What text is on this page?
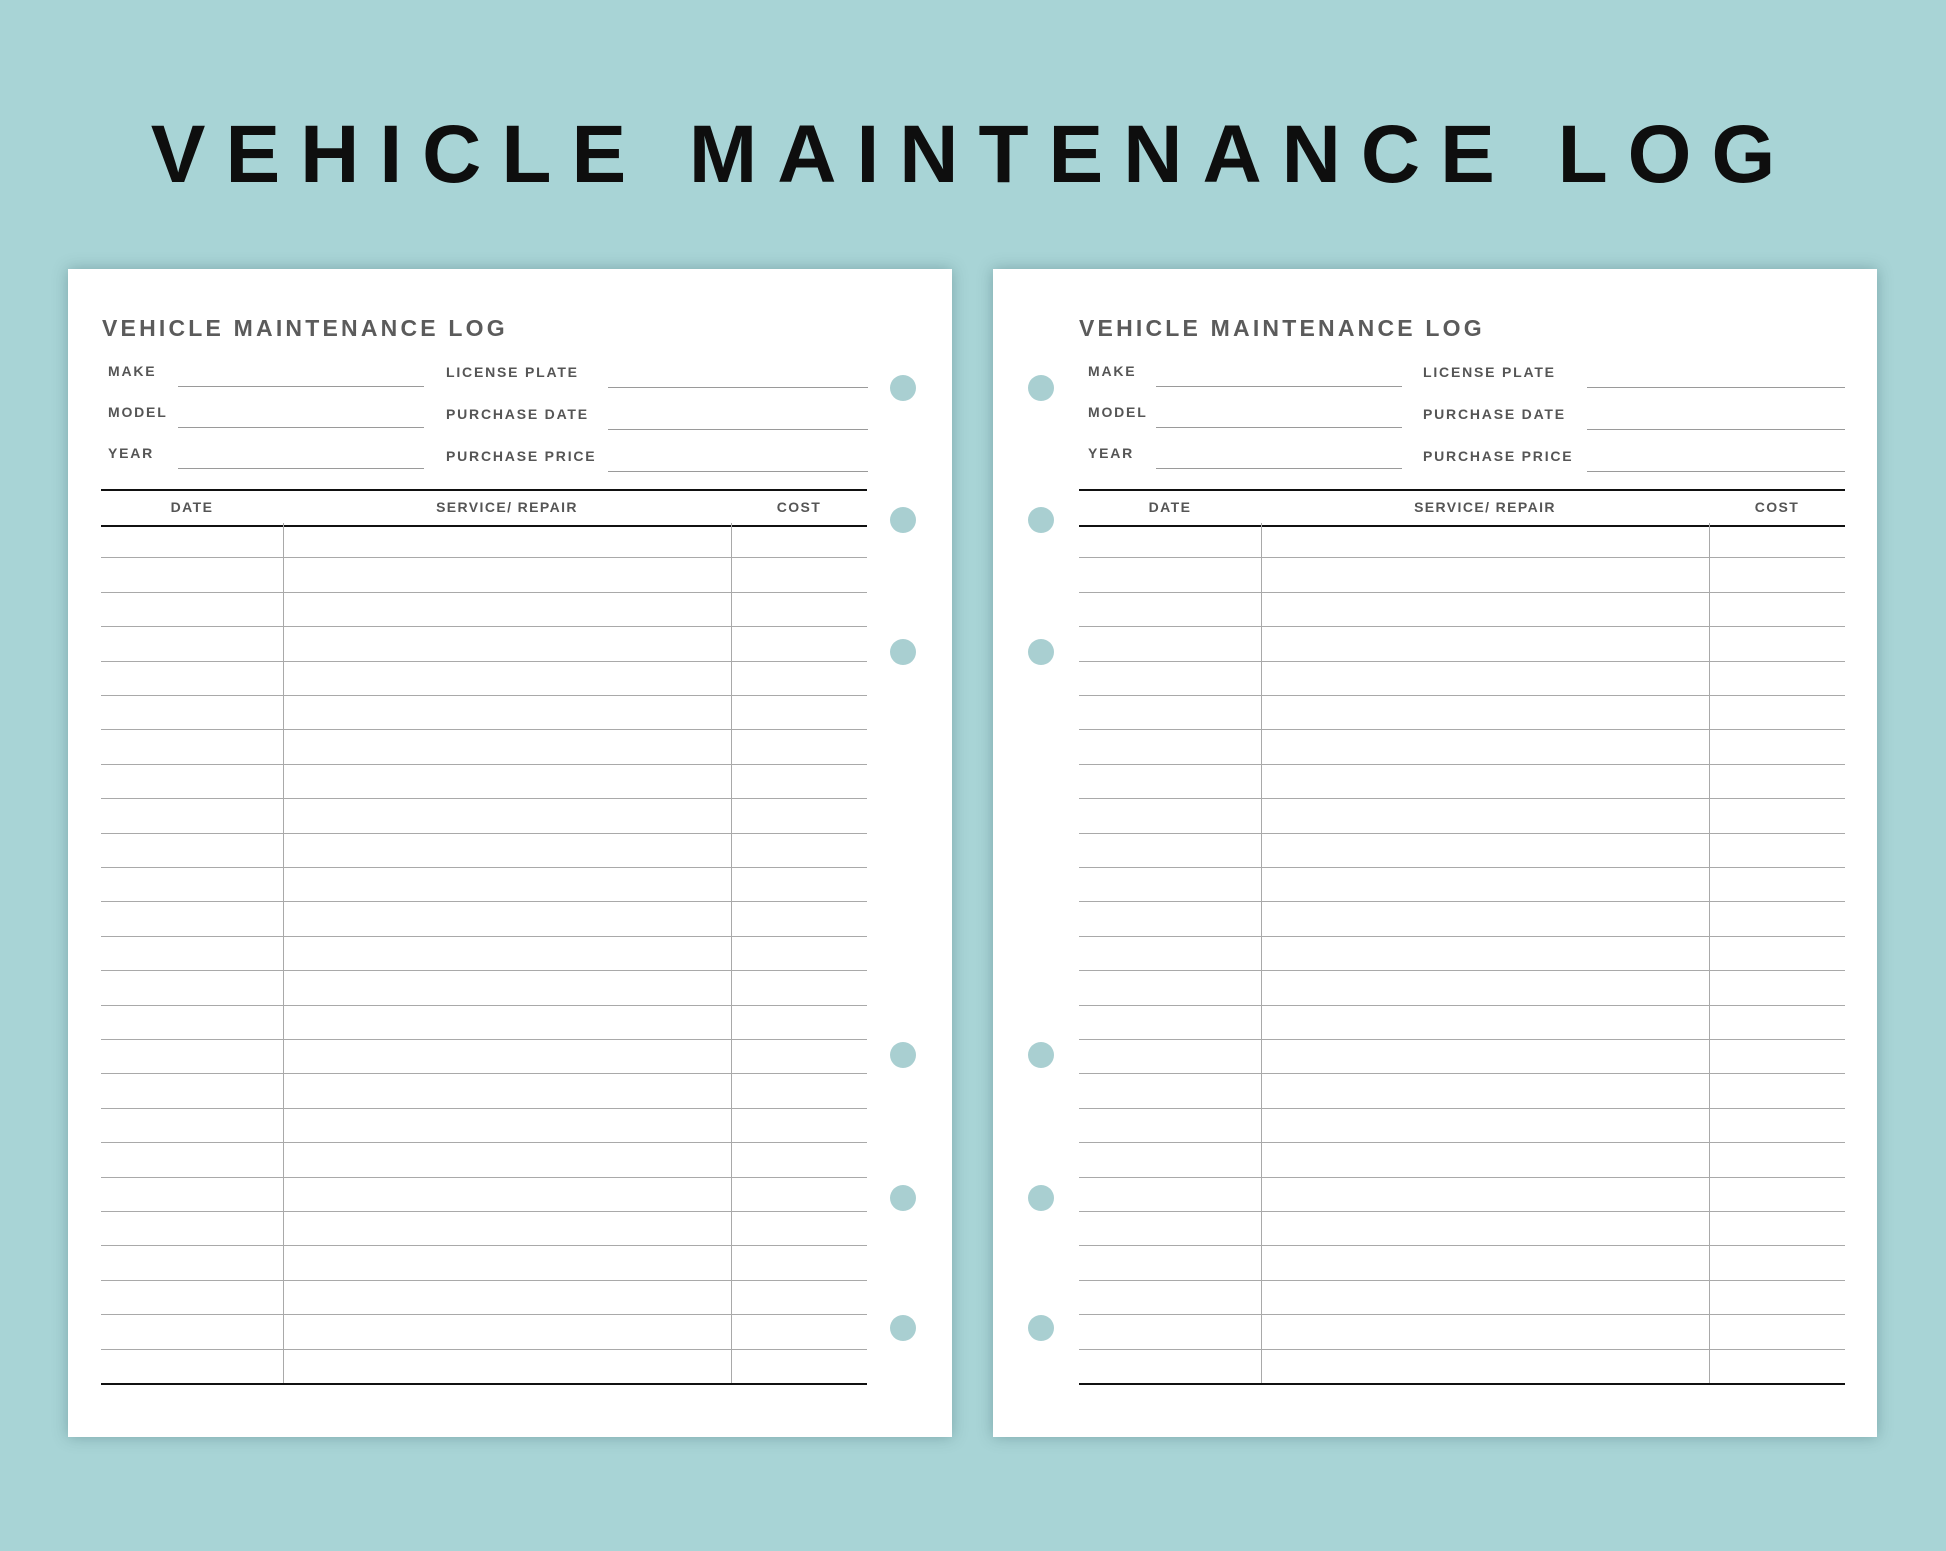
VEHICLE MAINTENANCE LOG
VEHICLE MAINTENANCE LOG
MAKE
MODEL
YEAR
LICENSE PLATE
PURCHASE DATE
PURCHASE PRICE
DATE	SERVICE/ REPAIR	COST
VEHICLE MAINTENANCE LOG
MAKE
MODEL
YEAR
LICENSE PLATE
PURCHASE DATE
PURCHASE PRICE
DATE	SERVICE/ REPAIR	COST
